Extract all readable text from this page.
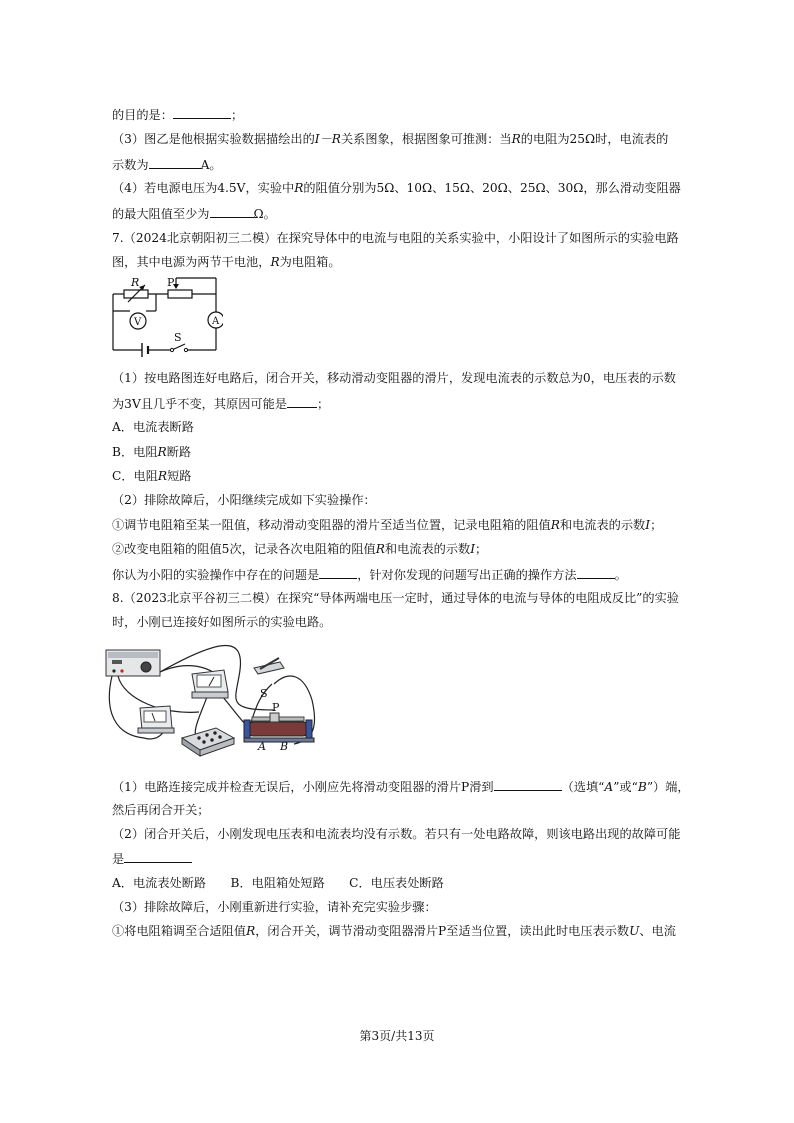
的目的是：	；
（3）图乙是他根据实验数据描绘出的I－R关系图象，根据图象可推测：当R的电阻为25Ω时，电流表的
示数为	A。
（4）若电源电压为4.5V，实验中R的阻值分别为5Ω、10Ω、15Ω、20Ω、25Ω、30Ω，那么滑动变阻器
的最大阻值至少为	Ω。
7.（2024北京朝阳初三二模）在探究导体中的电流与电阻的关系实验中，小阳设计了如图所示的实验电路
图，其中电源为两节干电池，R为电阻箱。
R	P
V	A
S
（1）按电路图连好电路后，闭合开关，移动滑动变阻器的滑片，发现电流表的示数总为0，电压表的示数
为3V且几乎不变，其原因可能是 ；
A．电流表断路
B．电阻R断路
C．电阻R短路
（2）排除故障后，小阳继续完成如下实验操作：
①调节电阻箱至某一阻值，移动滑动变阻器的滑片至适当位置，记录电阻箱的阻值R和电流表的示数I；
②改变电阻箱的阻值5次，记录各次电阻箱的阻值R和电流表的示数I；
你认为小阳的实验操作中存在的问题是	，针对你发现的问题写出正确的操作方法	。
8.（2023北京平谷初三二模）在探究“导体两端电压一定时，通过导体的电流与导体的电阻成反比”的实验
时，小刚已连接好如图所示的实验电路。
S
P
A B
（1）电路连接完成并检查无误后，小刚应先将滑动变阻器的滑片P滑到	（选填“A”或“B”）端，
然后再闭合开关；
（2）闭合开关后，小刚发现电压表和电流表均没有示数。若只有一处电路故障，则该电路出现的故障可能
是
A．电流表处断路　　B．电阻箱处短路　　C．电压表处断路
（3）排除故障后，小刚重新进行实验，请补充完实验步骤：
①将电阻箱调至合适阻值R，闭合开关，调节滑动变阻器滑片P至适当位置，读出此时电压表示数U、电流
第3页/共13页
